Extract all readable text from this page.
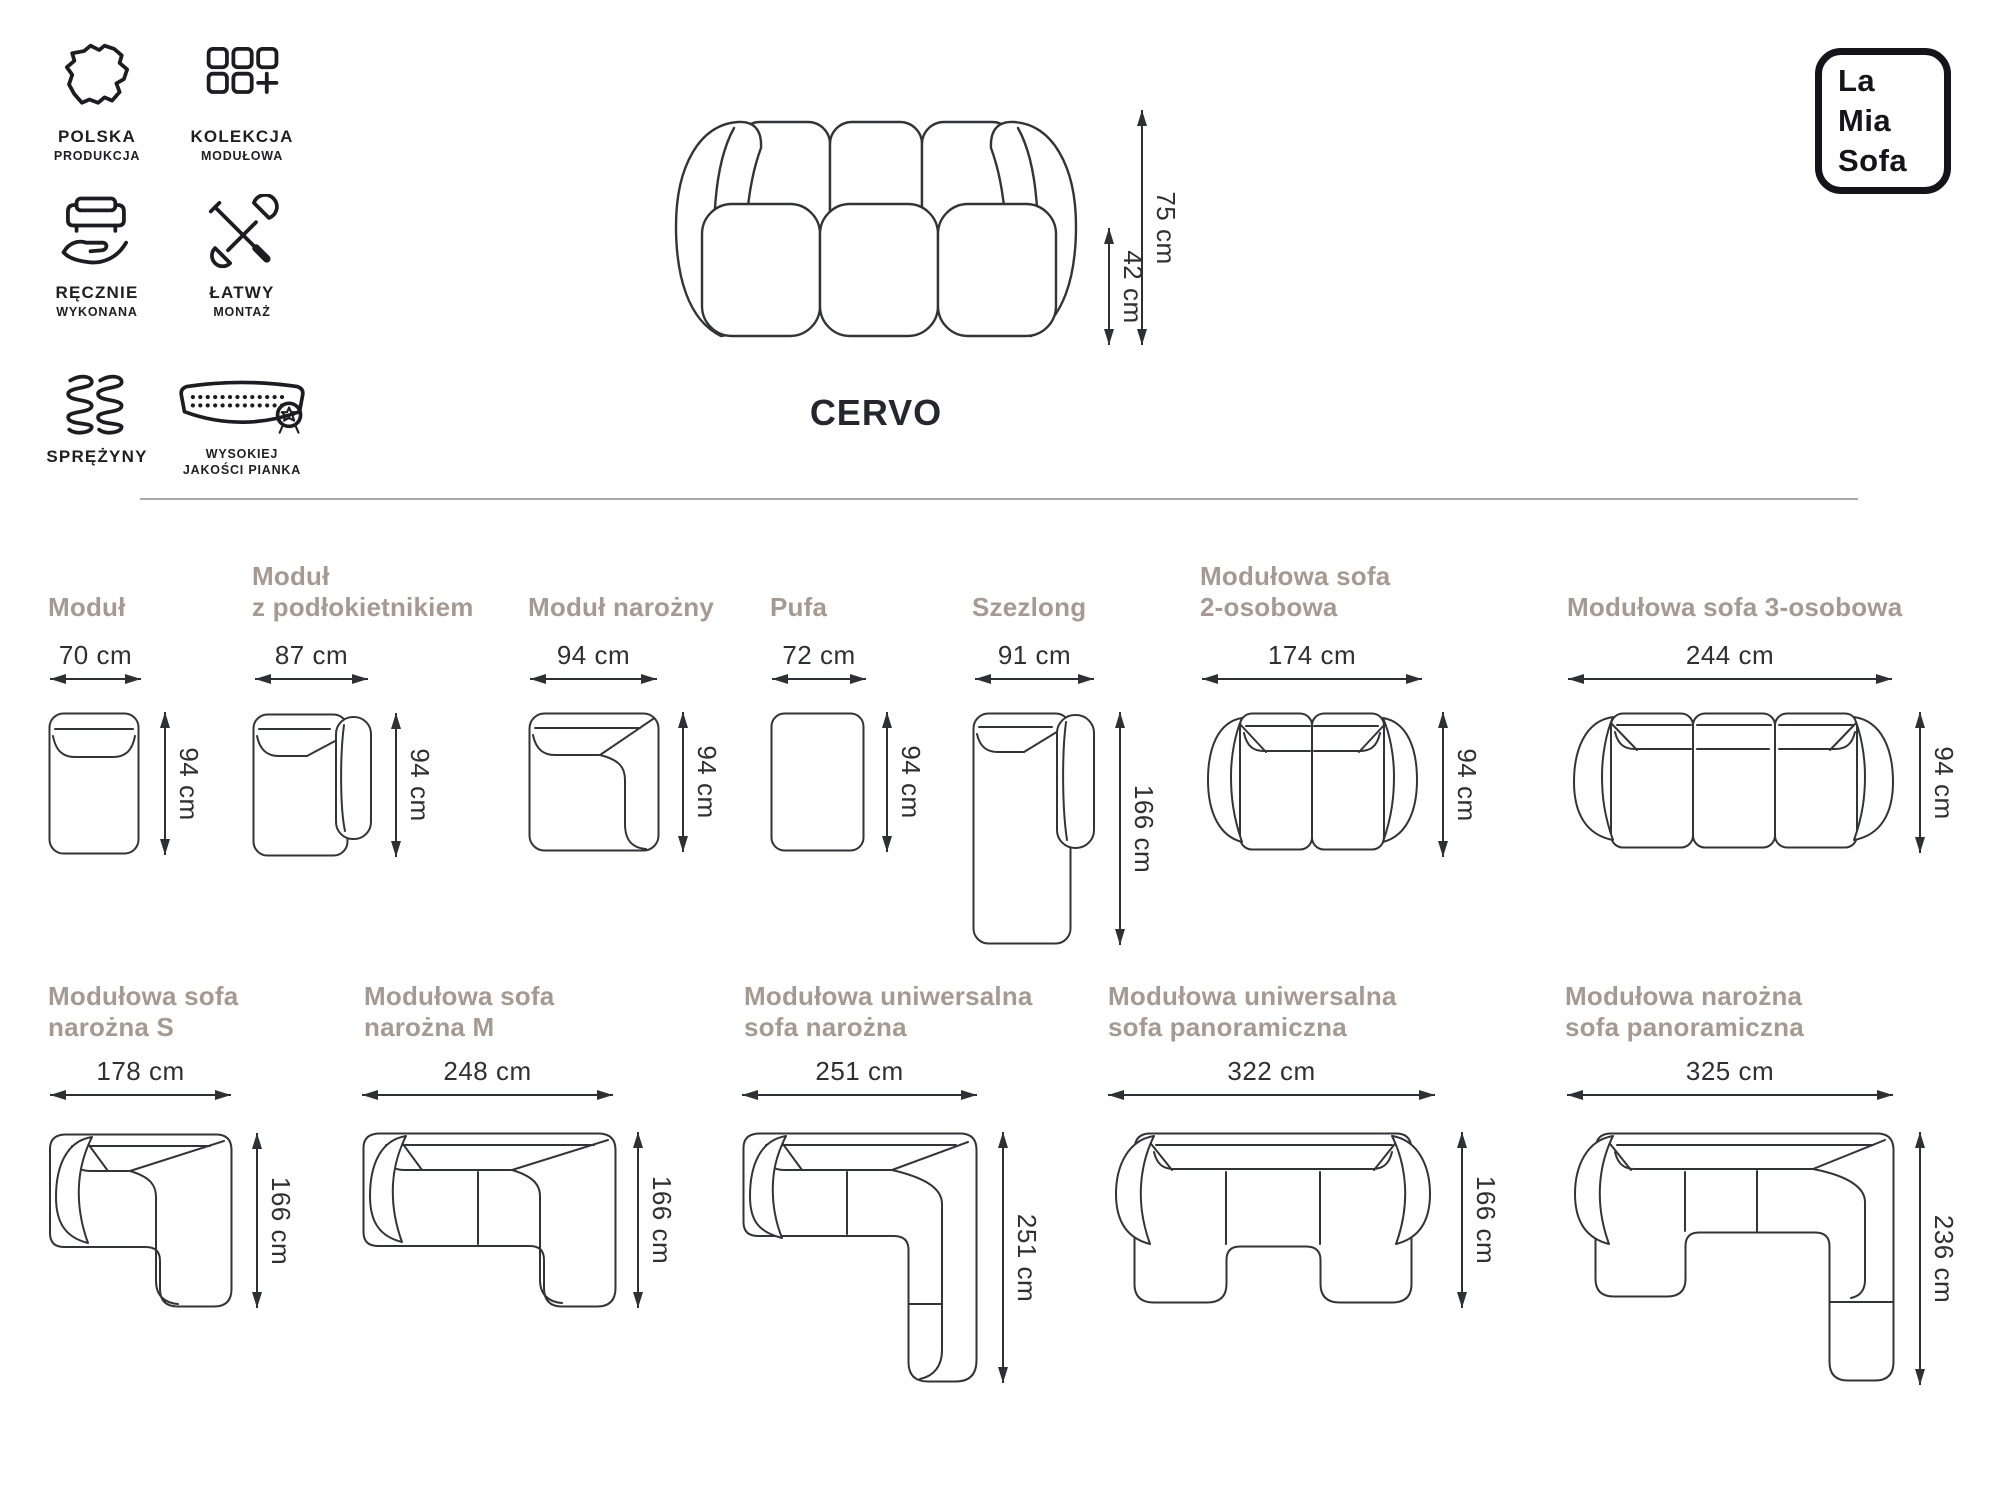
POLSKA
PRODUKCJA
KOLEKCJA
MODUŁOWA
RĘCZNIE
WYKONANA
ŁATWY
MONTAŻ
SPRĘŻYNY	WYSOKIEJ
JAKOŚCI PIANKA
La
Mia
Sofa
75 cm
42 cm
CERVO
Moduł
70 cm
94 cm
Moduł
z podłokietnikiem
87 cm
94 cm
Moduł narożny
94 cm
94 cm
Pufa
72 cm
94 cm
Szezlong
91 cm
166 cm
Modułowa sofa
2-osobowa
174 cm
94 cm
Modułowa sofa 3-osobowa
244 cm
94 cm
Modułowa sofa
narożna S
178 cm
166 cm
Modułowa sofa
narożna M
248 cm
166 cm
Modułowa uniwersalna
sofa narożna
251 cm
251 cm
Modułowa uniwersalna
sofa panoramiczna
322 cm
166 cm
Modułowa narożna
sofa panoramiczna
325 cm
236 cm
